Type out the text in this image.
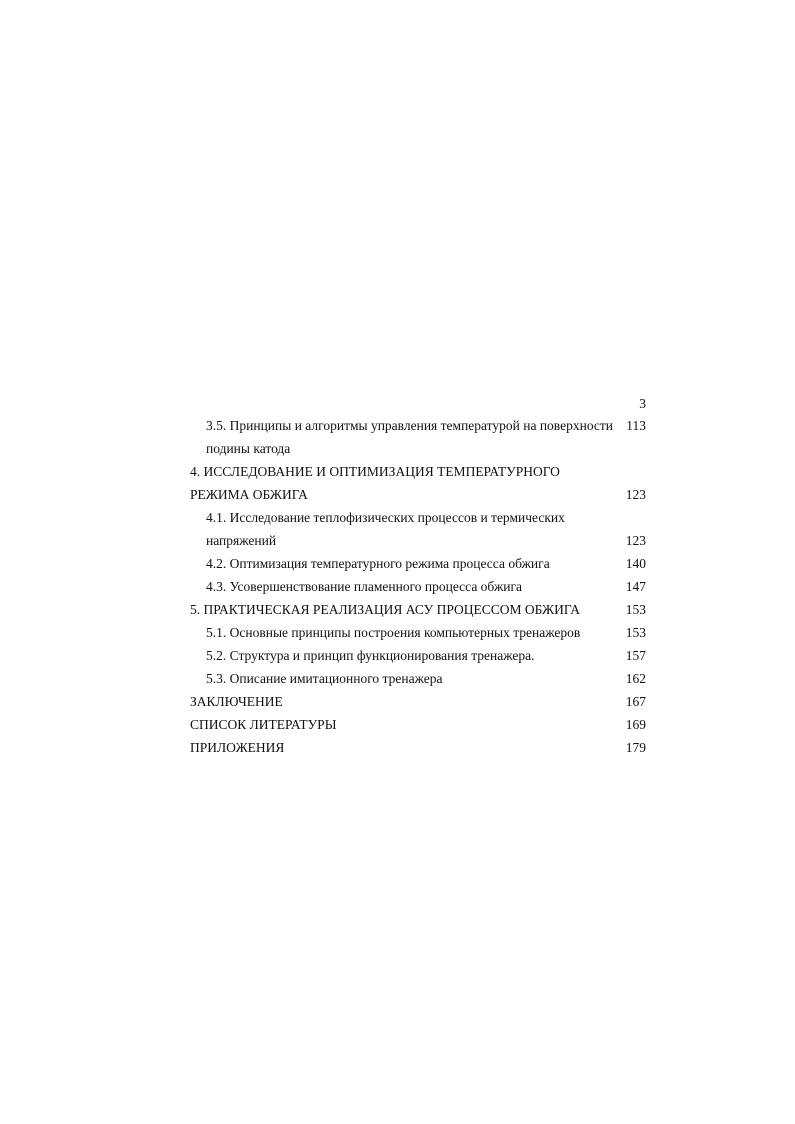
3
3.5. Принципы и алгоритмы управления температурой на поверхности 113
подины катода
4. ИССЛЕДОВАНИЕ И ОПТИМИЗАЦИЯ ТЕМПЕРАТУРНОГО
РЕЖИМА ОБЖИГА	123
4.1. Исследование теплофизических процессов и термических
напряжений	123
4.2. Оптимизация температурного режима процесса обжига	140
4.3. Усовершенствование пламенного процесса обжига	147
5. ПРАКТИЧЕСКАЯ РЕАЛИЗАЦИЯ АСУ ПРОЦЕССОМ ОБЖИГА	153
5.1. Основные принципы построения компьютерных тренажеров	153
5.2. Структура и принцип функционирования тренажера.	157
5.3. Описание имитационного тренажера	162
ЗАКЛЮЧЕНИЕ	167
СПИСОК ЛИТЕРАТУРЫ	169
ПРИЛОЖЕНИЯ	179
